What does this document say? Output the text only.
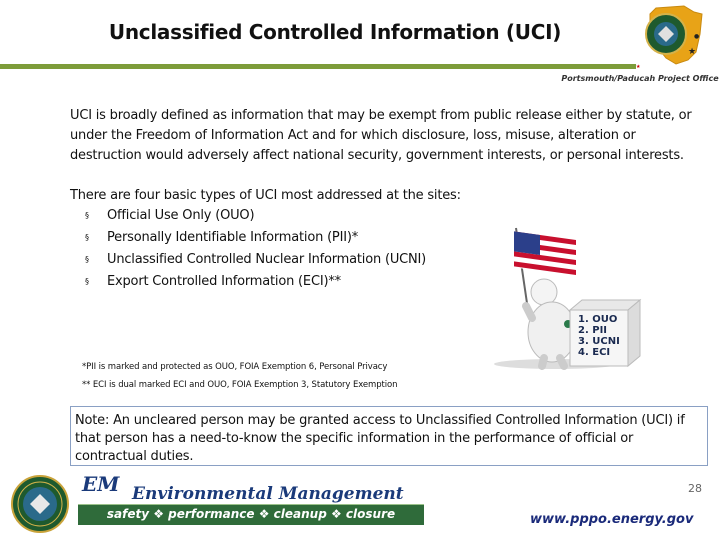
Unclassified Controlled Information (UCI)
★
●
★
Portsmouth/Paducah Project Office
UCI is broadly defined as information that may be exempt from public release either by statute, or under the Freedom of Information Act and for which disclosure, loss, misuse, alteration or destruction would adversely affect national security, government interests, or personal interests.
There are four basic types of UCI most addressed at the sites:
§ Official Use Only (OUO)
§ Personally Identifiable Information (PII)*
§ Unclassified Controlled Nuclear Information (UCNI)
§ Export Controlled Information (ECI)**
1. OUO
2. PII
3. UCNI
4. ECI
*PII is marked and protected as OUO, FOIA Exemption 6, Personal Privacy
** ECI is dual marked ECI and OUO, FOIA Exemption 3, Statutory Exemption
Note: An uncleared person may be granted access to Unclassified Controlled Information (UCI) if that person has a need-to-know the specific information in the performance of official or contractual duties.
EM Environmental Management
safety ❖ performance ❖ cleanup ❖ closure
28
www.pppo.energy.gov
